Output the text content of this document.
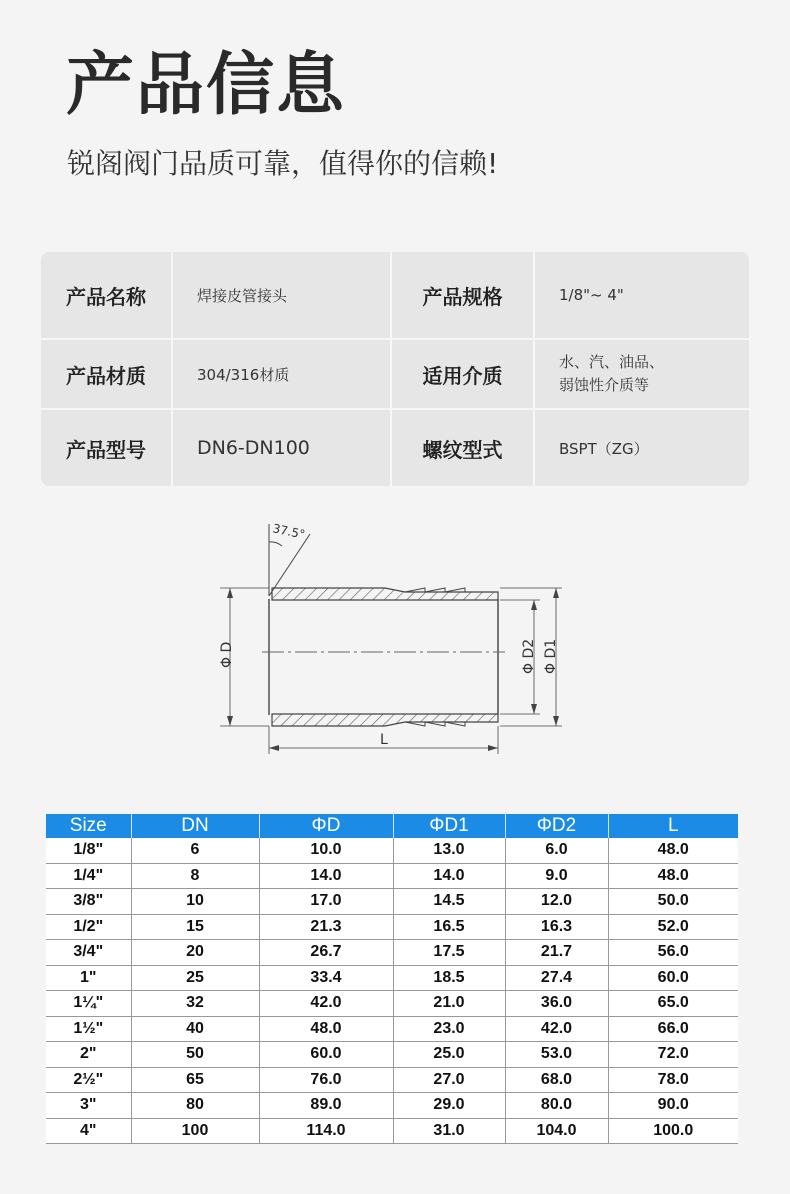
产品信息
锐阁阀门品质可靠，值得你的信赖!
产品名称	焊接皮管接头	产品规格	1/8"~ 4"
产品材质	304/316材质	适用介质
水、汽、油品、
弱蚀性介质等
产品型号	DN6-DN100	螺纹型式	BSPT（ZG）
37.5°
Φ D	Φ D2 Φ D1
L
Size	DN	ΦD	ΦD1	ΦD2	L
1/8"	6	10.0	13.0	6.0	48.0
1/4"	8	14.0	14.0	9.0	48.0
3/8"	10	17.0	14.5	12.0	50.0
1/2"	15	21.3	16.5	16.3	52.0
3/4"	20	26.7	17.5	21.7	56.0
1"	25	33.4	18.5	27.4	60.0
1¼"	32	42.0	21.0	36.0	65.0
1½"	40	48.0	23.0	42.0	66.0
2"	50	60.0	25.0	53.0	72.0
2½"	65	76.0	27.0	68.0	78.0
3"	80	89.0	29.0	80.0	90.0
4"	100	114.0	31.0	104.0	100.0
